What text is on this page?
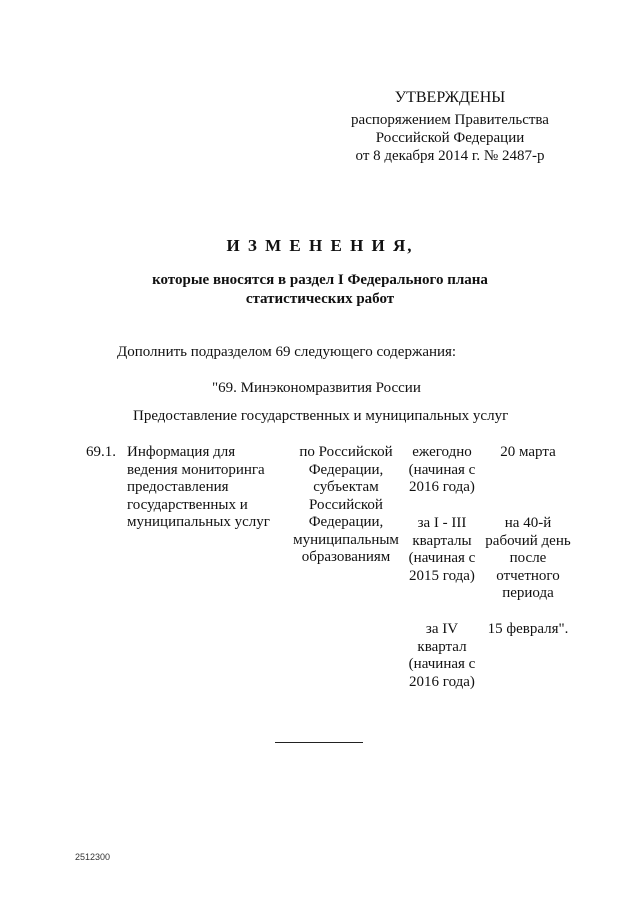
УТВЕРЖДЕНЫ
распоряжением Правительства
Российской Федерации
от 8 декабря 2014 г. № 2487-р
И З М Е Н Е Н И Я,
которые вносятся в раздел I Федерального плана
статистических работ
Дополнить подразделом 69 следующего содержания:
"69. Минэкономразвития России
Предоставление государственных и муниципальных услуг
69.1. Информация для
ведения мониторинга
предоставления
государственных и
муниципальных услуг
по Российской
Федерации,
субъектам
Российской
Федерации,
муниципальным
образованиям
ежегодно
(начиная с
2016 года)
20 марта
за I - III
кварталы
(начиная с
2015 года)
на 40-й
рабочий день
после
отчетного
периода
за IV
квартал
(начиная с
2016 года)
15 февраля".
2512300
